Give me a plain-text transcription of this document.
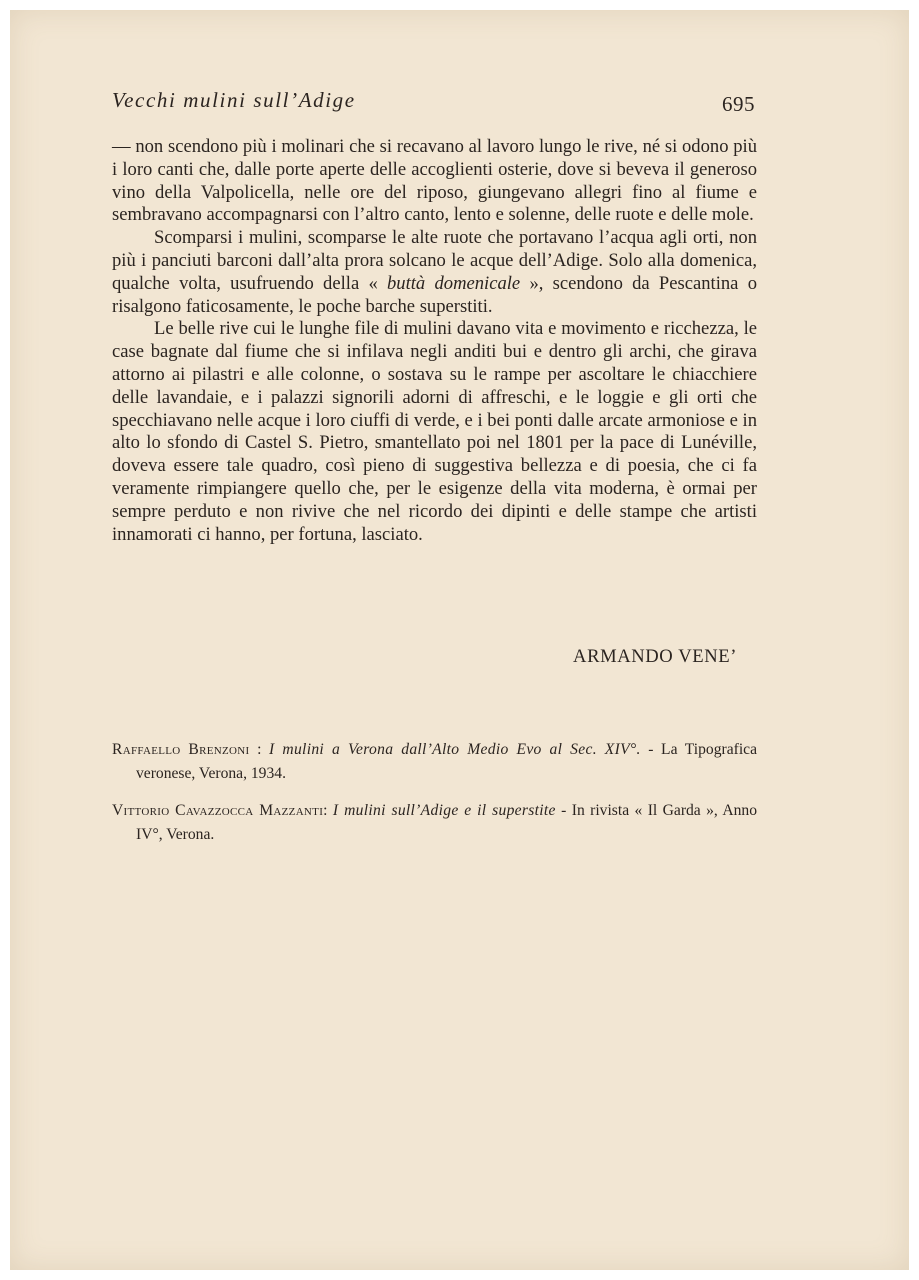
Vecchi mulini sull’Adige	695

— non scendono più i molinari che si recavano al lavoro lungo le rive, né si odono più i loro canti che, dalle porte aperte delle accoglienti osterie, dove si beveva il generoso vino della Valpolicella, nelle ore del riposo, giungevano allegri fino al fiume e sembravano accompagnarsi con l’altro canto, lento e solenne, delle ruote e delle mole.

Scomparsi i mulini, scomparse le alte ruote che portavano l’acqua agli orti, non più i panciuti barconi dall’alta prora solcano le acque dell’Adige. Solo alla domenica, qualche volta, usufruendo della « buttà domenicale », scendono da Pescantina o risalgono faticosamente, le poche barche superstiti.

Le belle rive cui le lunghe file di mulini davano vita e movimento e ricchezza, le case bagnate dal fiume che si infilava negli anditi bui e dentro gli archi, che girava attorno ai pilastri e alle colonne, o sostava su le rampe per ascoltare le chiacchiere delle lavandaie, e i palazzi signorili adorni di affreschi, e le loggie e gli orti che specchiavano nelle acque i loro ciuffi di verde, e i bei ponti dalle arcate armoniose e in alto lo sfondo di Castel S. Pietro, smantellato poi nel 1801 per la pace di Lunéville, doveva essere tale quadro, così pieno di suggestiva bellezza e di poesia, che ci fa veramente rimpiangere quello che, per le esigenze della vita moderna, è ormai per sempre perduto e non rivive che nel ricordo dei dipinti e delle stampe che artisti innamorati ci hanno, per fortuna, lasciato.

ARMANDO VENE’

Raffaello Brenzoni : I mulini a Verona dall’Alto Medio Evo al Sec. XIV°. - La Tipografica veronese, Verona, 1934.

Vittorio Cavazzocca Mazzanti: I mulini sull’Adige e il superstite - In rivista « Il Garda », Anno IV°, Verona.
